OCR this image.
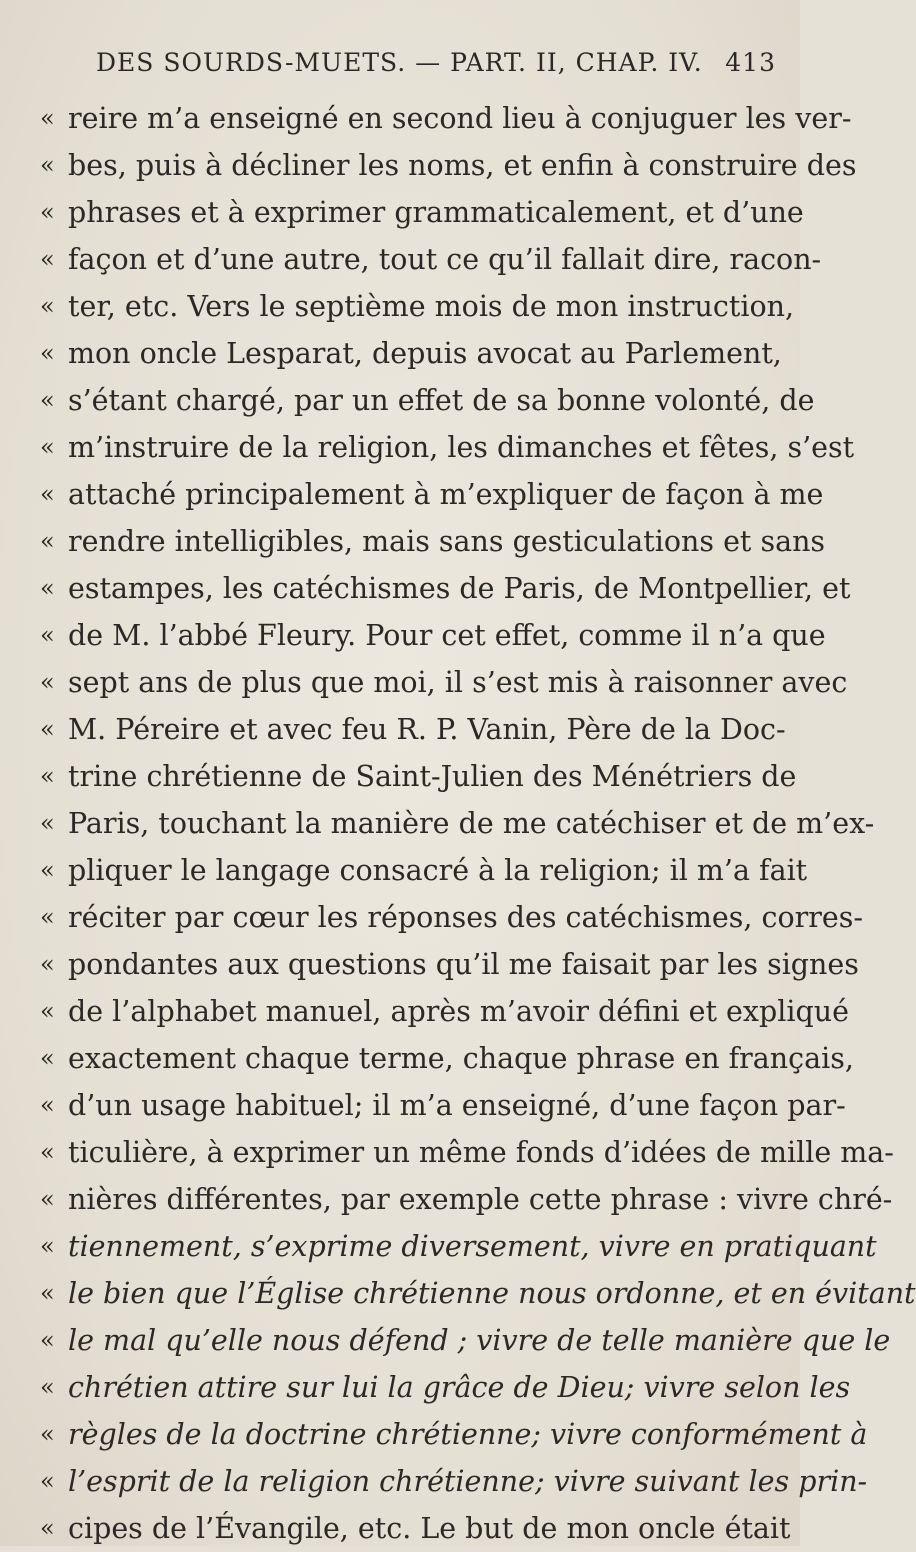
DES SOURDS-MUETS. — PART. II, CHAP. IV. 413
« reire m’a enseigné en second lieu à conjuguer les ver-
« bes, puis à décliner les noms, et enfin à construire des
« phrases et à exprimer grammaticalement, et d’une
« façon et d’une autre, tout ce qu’il fallait dire, racon-
« ter, etc. Vers le septième mois de mon instruction,
« mon oncle Lesparat, depuis avocat au Parlement,
« s’étant chargé, par un effet de sa bonne volonté, de
« m’instruire de la religion, les dimanches et fêtes, s’est
« attaché principalement à m’expliquer de façon à me
« rendre intelligibles, mais sans gesticulations et sans
« estampes, les catéchismes de Paris, de Montpellier, et
« de M. l’abbé Fleury. Pour cet effet, comme il n’a que
« sept ans de plus que moi, il s’est mis à raisonner avec
« M. Péreire et avec feu R. P. Vanin, Père de la Doc-
« trine chrétienne de Saint-Julien des Ménétriers de
« Paris, touchant la manière de me catéchiser et de m’ex-
« pliquer le langage consacré à la religion; il m’a fait
« réciter par cœur les réponses des catéchismes, corres-
« pondantes aux questions qu’il me faisait par les signes
« de l’alphabet manuel, après m’avoir défini et expliqué
« exactement chaque terme, chaque phrase en français,
« d’un usage habituel; il m’a enseigné, d’une façon par-
« ticulière, à exprimer un même fonds d’idées de mille ma-
« nières différentes, par exemple cette phrase : vivre chré-
« tiennement, s’exprime diversement, vivre en pratiquant
« le bien que l’Église chrétienne nous ordonne, et en évitant
« le mal qu’elle nous défend ; vivre de telle manière que le
« chrétien attire sur lui la grâce de Dieu; vivre selon les
« règles de la doctrine chrétienne; vivre conformément à
« l’esprit de la religion chrétienne; vivre suivant les prin-
« cipes de l’Évangile, etc. Le but de mon oncle était
